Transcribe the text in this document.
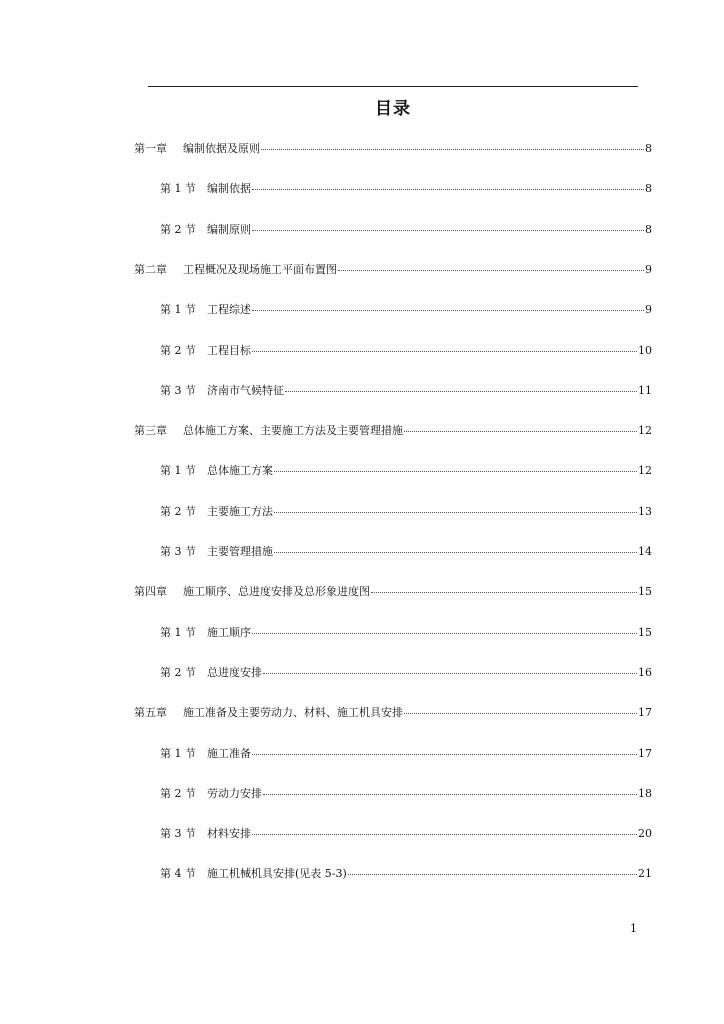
目录
第一章	编制依据及原则	8
第 1 节	编制依据	8
第 2 节	编制原则	8
第二章	工程概况及现场施工平面布置图	9
第 1 节	工程综述	9
第 2 节	工程目标	10
第 3 节	济南市气候特征	11
第三章	总体施工方案、主要施工方法及主要管理措施	12
第 1 节	总体施工方案	12
第 2 节	主要施工方法	13
第 3 节	主要管理措施	14
第四章	施工顺序、总进度安排及总形象进度图	15
第 1 节	施工顺序	15
第 2 节	总进度安排	16
第五章	施工准备及主要劳动力、材料、施工机具安排	17
第 1 节	施工准备	17
第 2 节	劳动力安排	18
第 3 节	材料安排	20
第 4 节	施工机械机具安排(见表 5-3)	21
1
